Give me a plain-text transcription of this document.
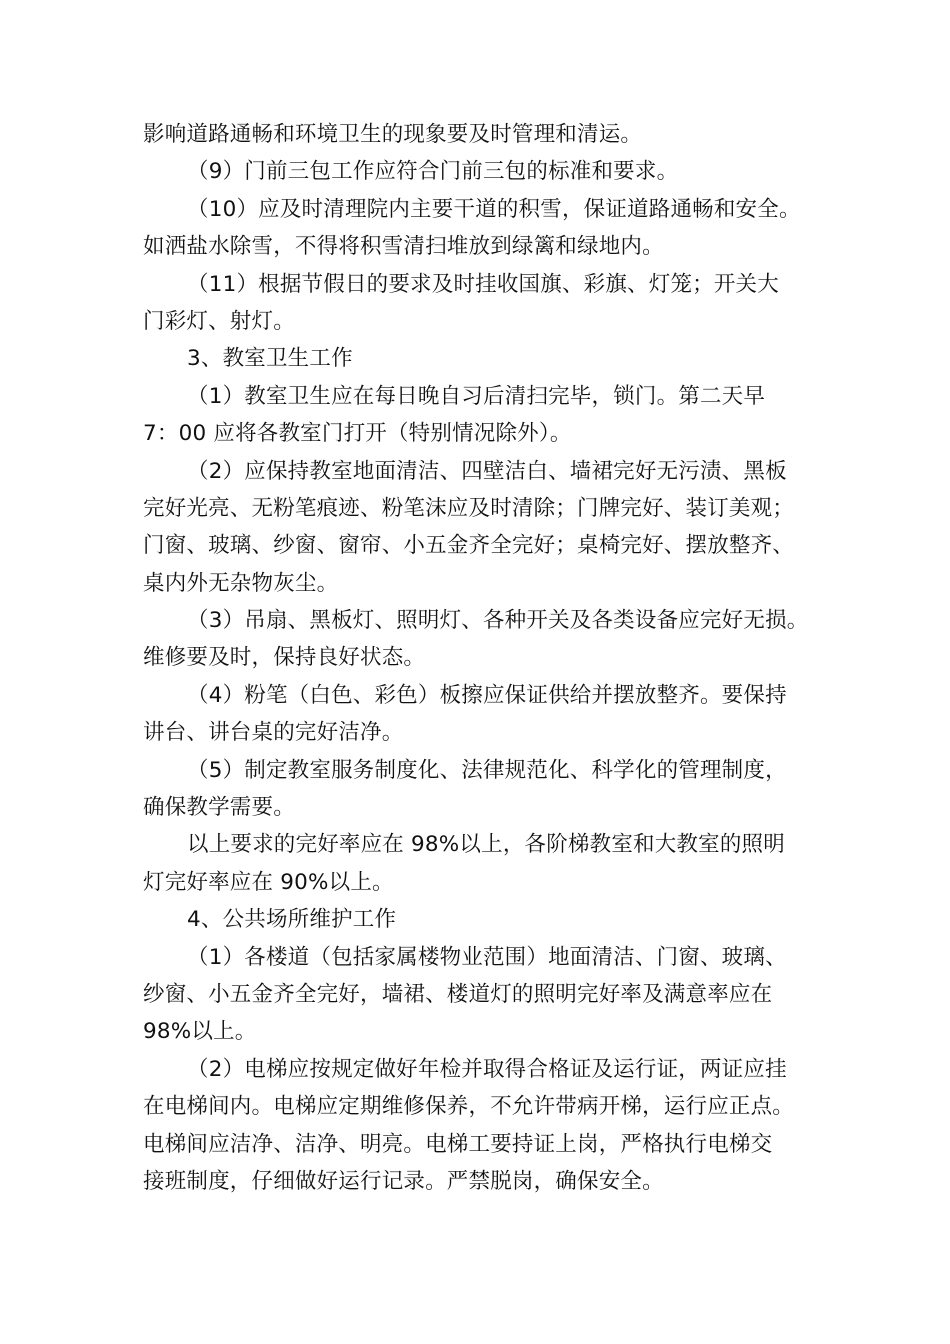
影响道路通畅和环境卫生的现象要及时管理和清运。
（9）门前三包工作应符合门前三包的标准和要求。
（10）应及时清理院内主要干道的积雪，保证道路通畅和安全。
如洒盐水除雪，不得将积雪清扫堆放到绿篱和绿地内。
（11）根据节假日的要求及时挂收国旗、彩旗、灯笼；开关大
门彩灯、射灯。
3、教室卫生工作
（1）教室卫生应在每日晚自习后清扫完毕，锁门。第二天早
7：00 应将各教室门打开（特别情况除外）。
（2）应保持教室地面清洁、四壁洁白、墙裙完好无污渍、黑板
完好光亮、无粉笔痕迹、粉笔沫应及时清除；门牌完好、装订美观；
门窗、玻璃、纱窗、窗帘、小五金齐全完好；桌椅完好、摆放整齐、
桌内外无杂物灰尘。
（3）吊扇、黑板灯、照明灯、各种开关及各类设备应完好无损。
维修要及时，保持良好状态。
（4）粉笔（白色、彩色）板擦应保证供给并摆放整齐。要保持
讲台、讲台桌的完好洁净。
（5）制定教室服务制度化、法律规范化、科学化的管理制度，
确保教学需要。
以上要求的完好率应在 98%以上，各阶梯教室和大教室的照明
灯完好率应在 90%以上。
4、公共场所维护工作
（1）各楼道（包括家属楼物业范围）地面清洁、门窗、玻璃、
纱窗、小五金齐全完好，墙裙、楼道灯的照明完好率及满意率应在
98%以上。
（2）电梯应按规定做好年检并取得合格证及运行证，两证应挂
在电梯间内。电梯应定期维修保养，不允许带病开梯，运行应正点。
电梯间应洁净、洁净、明亮。电梯工要持证上岗，严格执行电梯交
接班制度，仔细做好运行记录。严禁脱岗，确保安全。
